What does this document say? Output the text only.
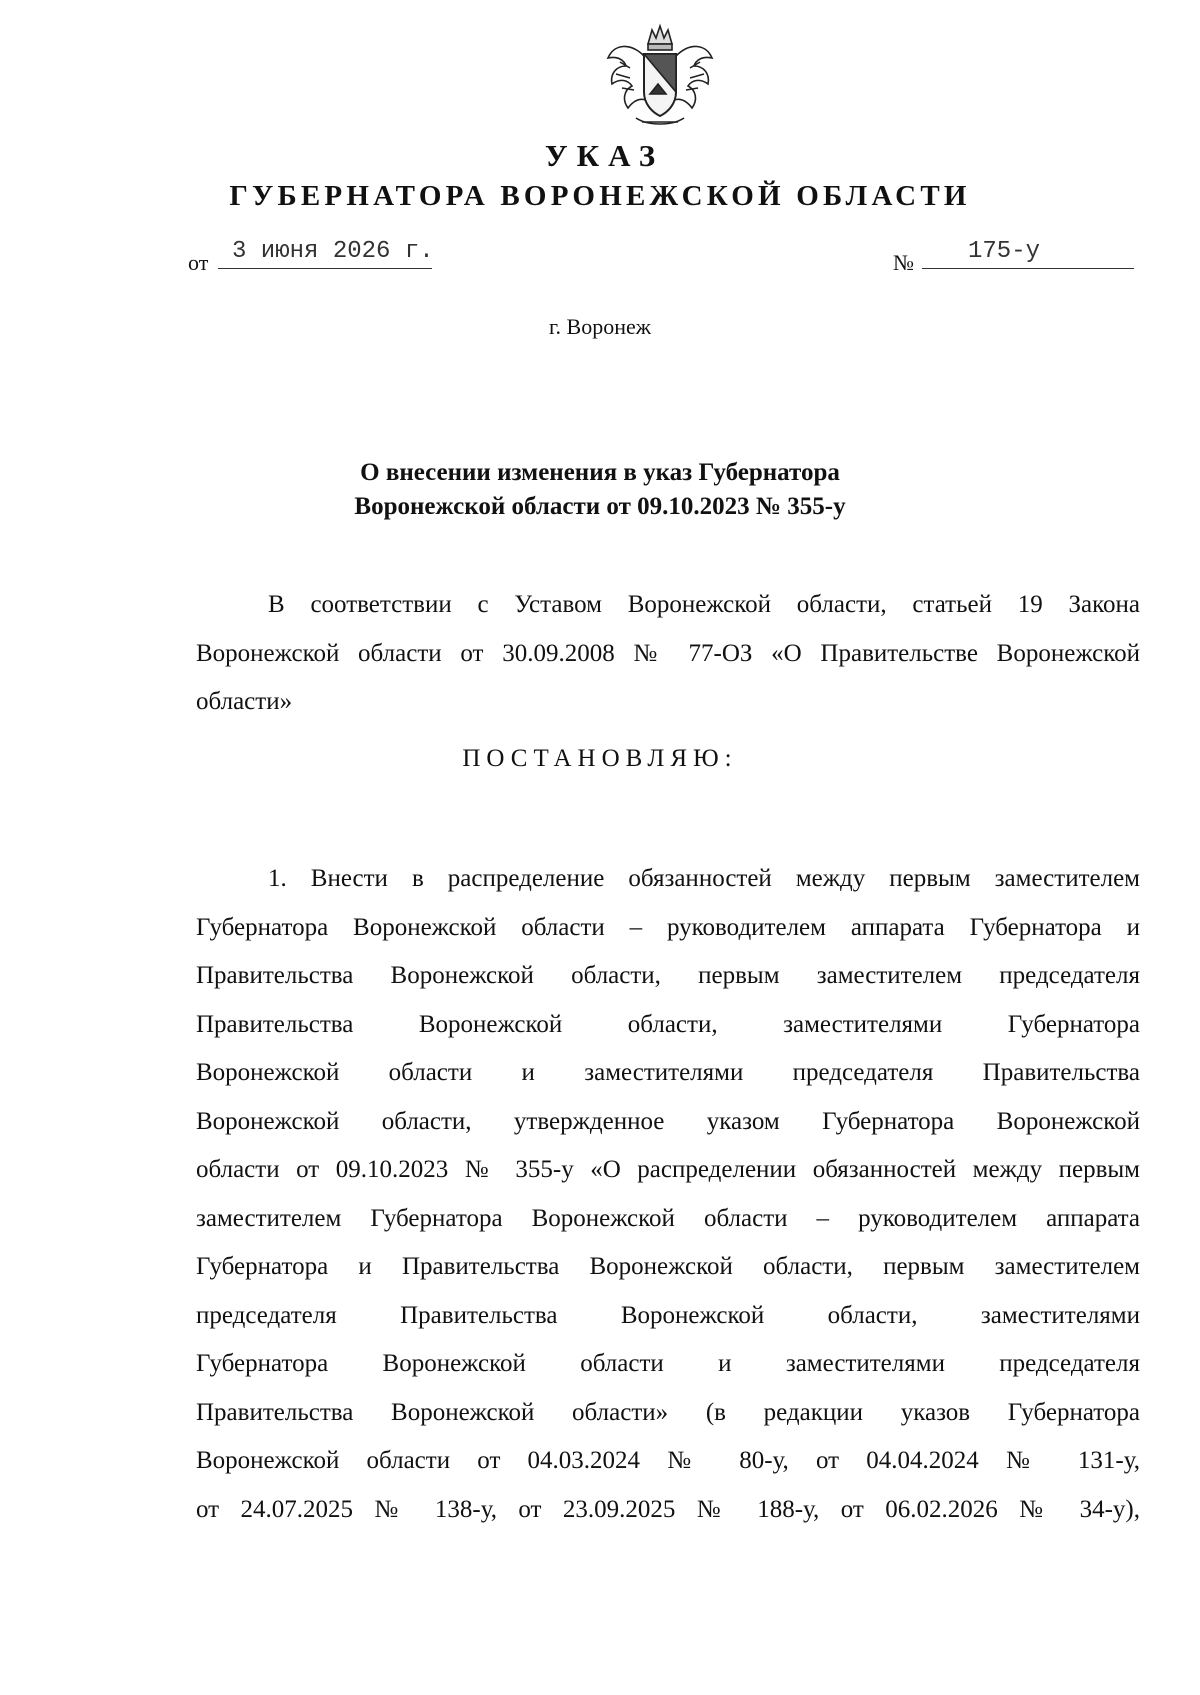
УКАЗ
ГУБЕРНАТОРА ВОРОНЕЖСКОЙ ОБЛАСТИ
от 3 июня 2026 г.	№ 175-у
г. Воронеж
О внесении изменения в указ Губернатора
Воронежской области от 09.10.2023 № 355-у
В соответствии с Уставом Воронежской области, статьей 19 Закона
Воронежской области от 30.09.2008 № 77-ОЗ «О Правительстве Воронежской
области»
ПОСТАНОВЛЯЮ:
1. Внести в распределение обязанностей между первым заместителем
Губернатора Воронежской области – руководителем аппарата Губернатора и
Правительства Воронежской области, первым заместителем председателя
Правительства Воронежской области, заместителями Губернатора
Воронежской области и заместителями председателя Правительства
Воронежской области, утвержденное указом Губернатора Воронежской
области от 09.10.2023 № 355-у «О распределении обязанностей между первым
заместителем Губернатора Воронежской области – руководителем аппарата
Губернатора и Правительства Воронежской области, первым заместителем
председателя Правительства Воронежской области, заместителями
Губернатора Воронежской области и заместителями председателя
Правительства Воронежской области» (в редакции указов Губернатора
Воронежской области от 04.03.2024 № 80-у, от 04.04.2024 № 131-у,
от 24.07.2025 № 138-у, от 23.09.2025 № 188-у, от 06.02.2026 № 34-у),
